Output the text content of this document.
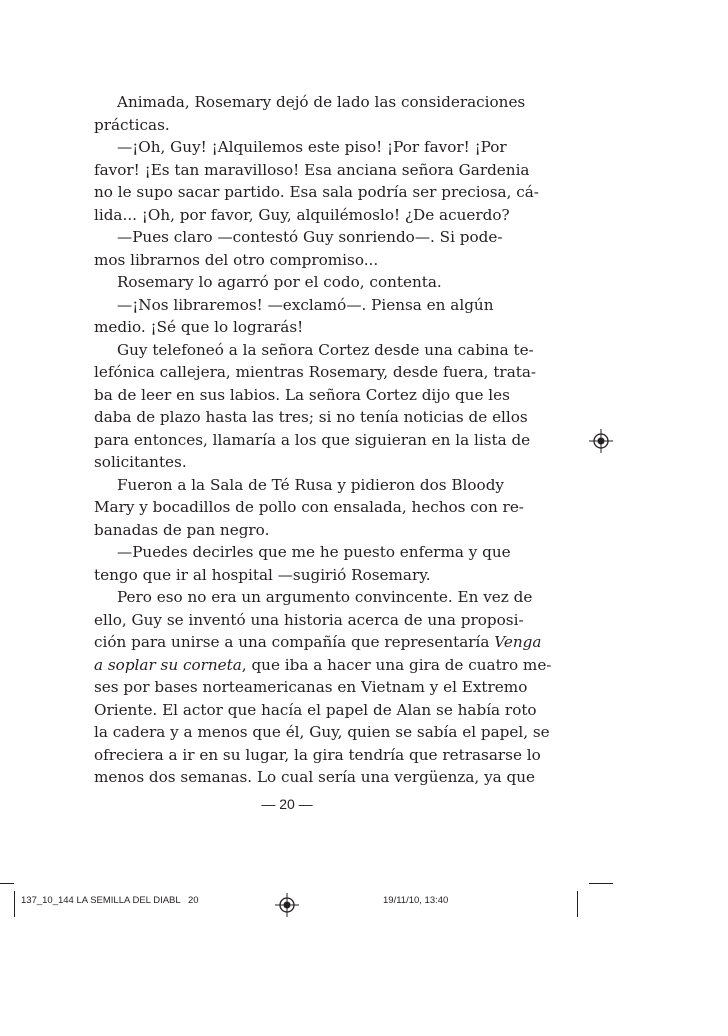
Animada, Rosemary dejó de lado las consideraciones
prácticas.
—¡Oh, Guy! ¡Alquilemos este piso! ¡Por favor! ¡Por
favor! ¡Es tan maravilloso! Esa anciana señora Gardenia
no le supo sacar partido. Esa sala podría ser preciosa, cá-
lida... ¡Oh, por favor, Guy, alquilémoslo! ¿De acuerdo?
—Pues claro —contestó Guy sonriendo—. Si pode-
mos librarnos del otro compromiso...
Rosemary lo agarró por el codo, contenta.
—¡Nos libraremos! —exclamó—. Piensa en algún
medio. ¡Sé que lo lograrás!
Guy telefoneó a la señora Cortez desde una cabina te-
lefónica callejera, mientras Rosemary, desde fuera, trata-
ba de leer en sus labios. La señora Cortez dijo que les
daba de plazo hasta las tres; si no tenía noticias de ellos
para entonces, llamaría a los que siguieran en la lista de
solicitantes.
Fueron a la Sala de Té Rusa y pidieron dos Bloody
Mary y bocadillos de pollo con ensalada, hechos con re-
banadas de pan negro.
—Puedes decirles que me he puesto enferma y que
tengo que ir al hospital —sugirió Rosemary.
Pero eso no era un argumento convincente. En vez de
ello, Guy se inventó una historia acerca de una proposi-
ción para unirse a una compañía que representaría Venga
a soplar su corneta, que iba a hacer una gira de cuatro me-
ses por bases norteamericanas en Vietnam y el Extremo
Oriente. El actor que hacía el papel de Alan se había roto
la cadera y a menos que él, Guy, quien se sabía el papel, se
ofreciera a ir en su lugar, la gira tendría que retrasarse lo
menos dos semanas. Lo cual sería una vergüenza, ya que
— 20 —
137_10_144 LA SEMILLA DEL DIABL 20	19/11/10, 13:40
